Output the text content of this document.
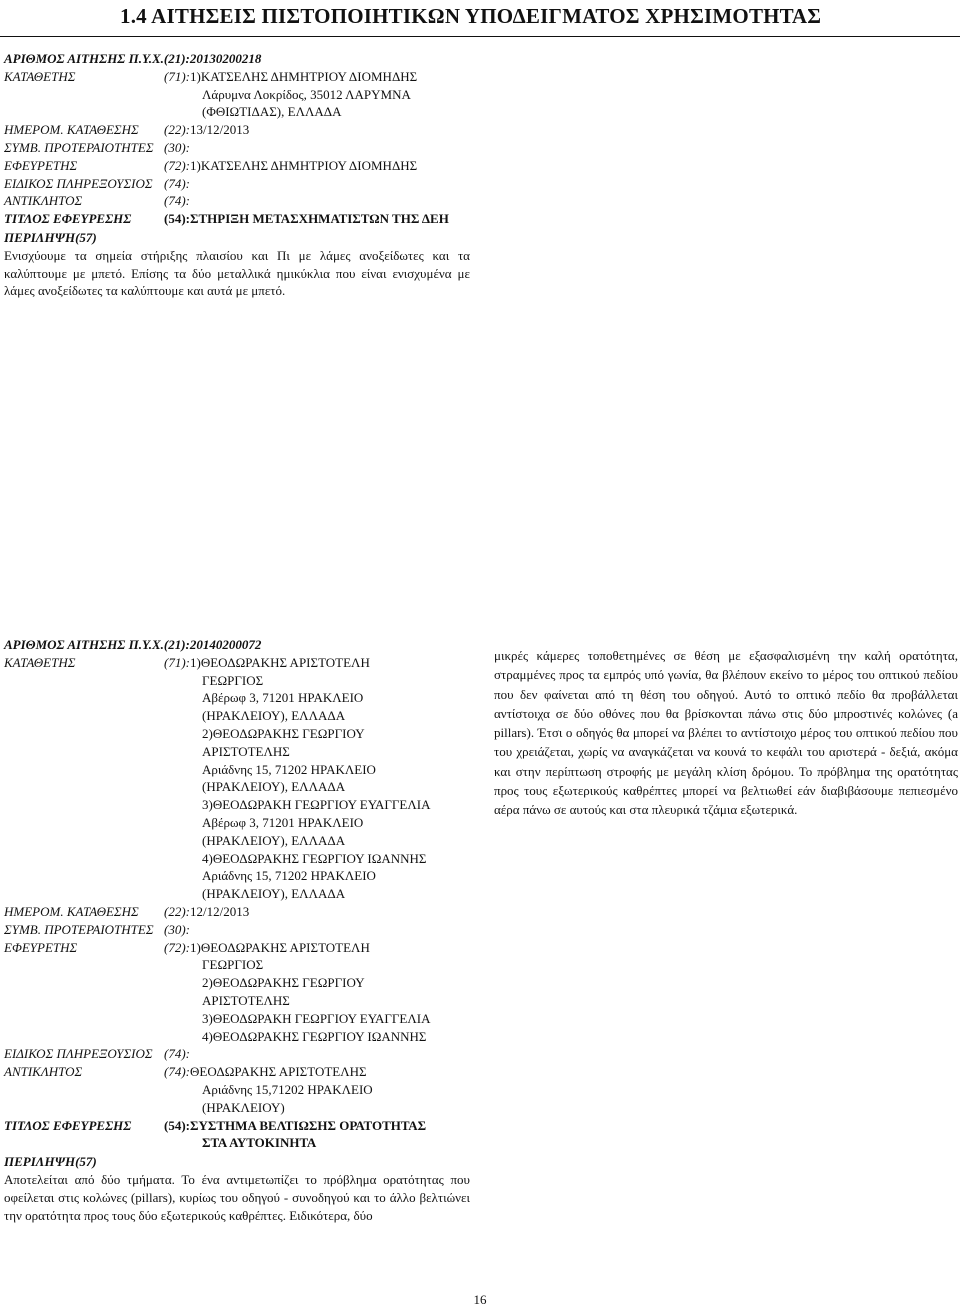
1.4 ΑΙΤΗΣΕΙΣ ΠΙΣΤΟΠΟΙΗΤΙΚΩΝ ΥΠΟΔΕΙΓΜΑΤΟΣ ΧΡΗΣΙΜΟΤΗΤΑΣ
ΑΡΙΘΜΟΣ ΑΙΤΗΣΗΣ Π.Υ.Χ.(21):20130200218
ΚΑΤΑΘΕΤΗΣ	(71):1)ΚΑΤΣΕΛΗΣ ΔΗΜΗΤΡΙΟΥ ΔΙΟΜΗΔΗΣ
Λάρυμνα Λοκρίδος, 35012 ΛΑΡΥΜΝΑ
(ΦΘΙΩΤΙΔΑΣ), ΕΛΛΑΔΑ
ΗΜΕΡΟΜ. ΚΑΤΑΘΕΣΗΣ	(22):13/12/2013
ΣΥΜΒ. ΠΡΟΤΕΡΑΙΟΤΗΤΕΣ (30):
ΕΦΕΥΡΕΤΗΣ	(72):1)ΚΑΤΣΕΛΗΣ ΔΗΜΗΤΡΙΟΥ ΔΙΟΜΗΔΗΣ
ΕΙΔΙΚΟΣ ΠΛΗΡΕΞΟΥΣΙΟΣ (74):
ΑΝΤΙΚΛΗΤΟΣ	(74):
ΤΙΤΛΟΣ ΕΦΕΥΡΕΣΗΣ	(54):ΣΤΗΡΙΞΗ ΜΕΤΑΣΧΗΜΑΤΙΣΤΩΝ ΤΗΣ ΔΕΗ
ΠΕΡΙΛΗΨΗ(57)
Ενισχύουμε τα σημεία στήριξης πλαισίου και Πι με λάμες ανοξείδωτες και τα καλύπτουμε με μπετό. Επίσης τα δύο μεταλλικά ημικύκλια που είναι ενισχυμένα με λάμες ανοξείδωτες τα καλύπτουμε και αυτά με μπετό.
ΑΡΙΘΜΟΣ ΑΙΤΗΣΗΣ Π.Υ.Χ.(21):20140200072
ΚΑΤΑΘΕΤΗΣ	(71):1)ΘΕΟΔΩΡΑΚΗΣ ΑΡΙΣΤΟΤΕΛΗ
ΓΕΩΡΓΙΟΣ
Αβέρωφ 3, 71201 ΗΡΑΚΛΕΙΟ
(ΗΡΑΚΛΕΙΟΥ), ΕΛΛΑΔΑ
2)ΘΕΟΔΩΡΑΚΗΣ ΓΕΩΡΓΙΟΥ
ΑΡΙΣΤΟΤΕΛΗΣ
Αριάδνης 15, 71202 ΗΡΑΚΛΕΙΟ
(ΗΡΑΚΛΕΙΟΥ), ΕΛΛΑΔΑ
3)ΘΕΟΔΩΡΑΚΗ ΓΕΩΡΓΙΟΥ ΕΥΑΓΓΕΛΙΑ
Αβέρωφ 3, 71201 ΗΡΑΚΛΕΙΟ
(ΗΡΑΚΛΕΙΟΥ), ΕΛΛΑΔΑ
4)ΘΕΟΔΩΡΑΚΗΣ ΓΕΩΡΓΙΟΥ ΙΩΑΝΝΗΣ
Αριάδνης 15, 71202 ΗΡΑΚΛΕΙΟ
(ΗΡΑΚΛΕΙΟΥ), ΕΛΛΑΔΑ
ΗΜΕΡΟΜ. ΚΑΤΑΘΕΣΗΣ	(22):12/12/2013
ΣΥΜΒ. ΠΡΟΤΕΡΑΙΟΤΗΤΕΣ (30):
ΕΦΕΥΡΕΤΗΣ	(72):1)ΘΕΟΔΩΡΑΚΗΣ ΑΡΙΣΤΟΤΕΛΗ
ΓΕΩΡΓΙΟΣ
2)ΘΕΟΔΩΡΑΚΗΣ ΓΕΩΡΓΙΟΥ
ΑΡΙΣΤΟΤΕΛΗΣ
3)ΘΕΟΔΩΡΑΚΗ ΓΕΩΡΓΙΟΥ ΕΥΑΓΓΕΛΙΑ
4)ΘΕΟΔΩΡΑΚΗΣ ΓΕΩΡΓΙΟΥ ΙΩΑΝΝΗΣ
ΕΙΔΙΚΟΣ ΠΛΗΡΕΞΟΥΣΙΟΣ (74):
ΑΝΤΙΚΛΗΤΟΣ	(74):ΘΕΟΔΩΡΑΚΗΣ ΑΡΙΣΤΟΤΕΛΗΣ
Αριάδνης 15,71202 ΗΡΑΚΛΕΙΟ
(ΗΡΑΚΛΕΙΟΥ)
ΤΙΤΛΟΣ ΕΦΕΥΡΕΣΗΣ	(54):ΣΥΣΤΗΜΑ ΒΕΛΤΙΩΣΗΣ ΟΡΑΤΟΤΗΤΑΣ
ΣΤΑ ΑΥΤΟΚΙΝΗΤΑ
ΠΕΡΙΛΗΨΗ(57)
Αποτελείται από δύο τμήματα. Το ένα αντιμετωπίζει το πρόβλημα ορατότητας που οφείλεται στις κολώνες (pillars), κυρίως του οδηγού - συνοδηγού και το άλλο βελτιώνει την ορατότητα προς τους δύο εξωτερικούς καθρέπτες. Ειδικότερα, δύο
μικρές κάμερες τοποθετημένες σε θέση με εξασφαλισμένη την καλή ορατότητα, στραμμένες προς τα εμπρός υπό γωνία, θα βλέπουν εκείνο το μέρος του οπτικού πεδίου που δεν φαίνεται από τη θέση του οδηγού. Αυτό το οπτικό πεδίο θα προβάλλεται αντίστοιχα σε δύο οθόνες που θα βρίσκονται πάνω στις δύο μπροστινές κολώνες (a pillars). Έτσι ο οδηγός θα μπορεί να βλέπει το αντίστοιχο μέρος του οπτικού πεδίου που του χρειάζεται, χωρίς να αναγκάζεται να κουνά το κεφάλι του αριστερά - δεξιά, ακόμα και στην περίπτωση στροφής με μεγάλη κλίση δρόμου. Το πρόβλημα της ορατότητας προς τους εξωτερικούς καθρέπτες μπορεί να βελτιωθεί εάν διαβιβάσουμε πεπιεσμένο αέρα πάνω σε αυτούς και στα πλευρικά τζάμια εξωτερικά.
16
